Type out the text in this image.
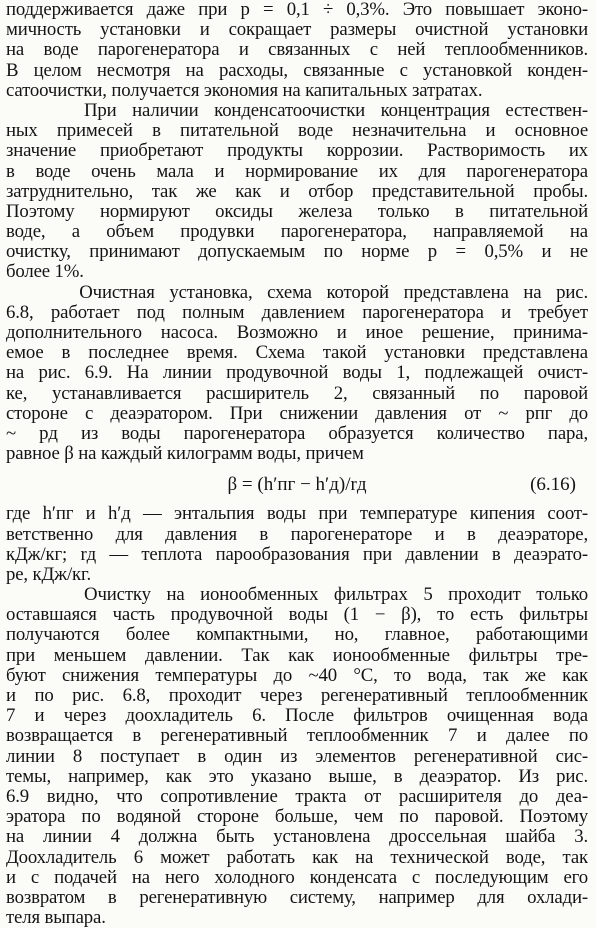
поддерживается даже при p = 0,1 ÷ 0,3%. Это повышает эконо-
мичность установки и сокращает размеры очистной установки
на воде парогенератора и связанных с ней теплообменников.
В целом несмотря на расходы, связанные с установкой конден-
сатоочистки, получается экономия на капитальных затратах.
При наличии конденсатоочистки концентрация естествен-
ных примесей в питательной воде незначительна и основное
значение приобретают продукты коррозии. Растворимость их
в воде очень мала и нормирование их для парогенератора
затруднительно, так же как и отбор представительной пробы.
Поэтому нормируют оксиды железа только в питательной
воде, а объем продувки парогенератора, направляемой на
очистку, принимают допускаемым по норме p = 0,5% и не
более 1%.
Очистная установка, схема которой представлена на рис.
6.8, работает под полным давлением парогенератора и требует
дополнительного насоса. Возможно и иное решение, принима-
емое в последнее время. Схема такой установки представлена
на рис. 6.9. На линии продувочной воды 1, подлежащей очист-
ке, устанавливается расширитель 2, связанный по паровой
стороне с деаэратором. При снижении давления от ~ pпг до
~ pд из воды парогенератора образуется количество пара,
равное β на каждый килограмм воды, причем
β = (h′пг − h′д)/rд	(6.16)
где h′пг и h′д — энтальпия воды при температуре кипения соот-
ветственно для давления в парогенераторе и в деаэраторе,
кДж/кг; rд — теплота парообразования при давлении в деаэрато-
ре, кДж/кг.
Очистку на ионообменных фильтрах 5 проходит только
оставшаяся часть продувочной воды (1 − β), то есть фильтры
получаются более компактными, но, главное, работающими
при меньшем давлении. Так как ионообменные фильтры тре-
буют снижения температуры до ~40 °C, то вода, так же как
и по рис. 6.8, проходит через регенеративный теплообменник
7 и через доохладитель 6. После фильтров очищенная вода
возвращается в регенеративный теплообменник 7 и далее по
линии 8 поступает в один из элементов регенеративной сис-
темы, например, как это указано выше, в деаэратор. Из рис.
6.9 видно, что сопротивление тракта от расширителя до деа-
эратора по водяной стороне больше, чем по паровой. Поэтому
на линии 4 должна быть установлена дроссельная шайба 3.
Доохладитель 6 может работать как на технической воде, так
и с подачей на него холодного конденсата с последующим его
возвратом в регенеративную систему, например для охлади-
теля выпара.
